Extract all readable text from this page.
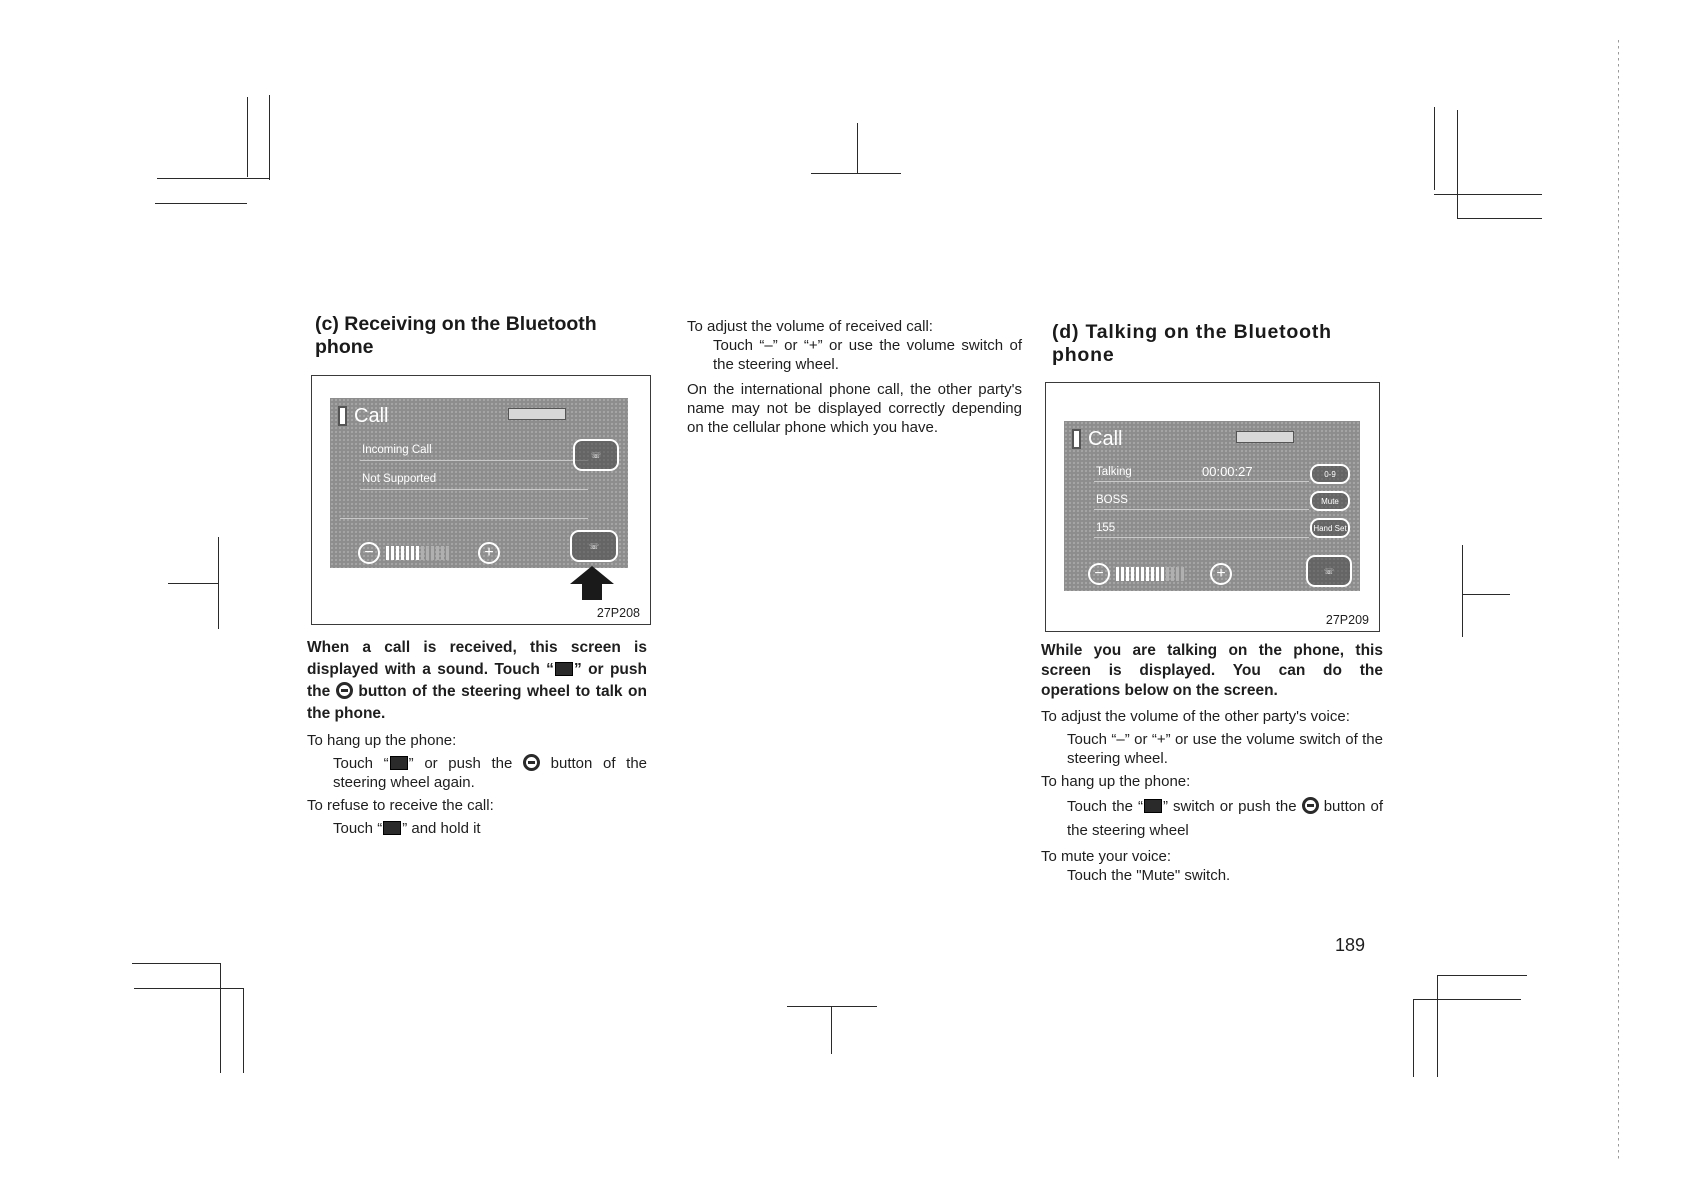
(c) Receiving on the Bluetooth phone
Call
Incoming Call
Not Supported
☏
−	+	☏
27P208

When a call is received, this screen is displayed with a sound. Touch “ ” or push the button of the steering wheel to talk on the phone.

To hang up the phone:

Touch “ ” or push the	button of the steering wheel again.

To refuse to receive the call:

Touch “ ” and hold it

To adjust the volume of received call:

Touch “–” or “+” or use the volume switch of the steering wheel.

On the international phone call, the other party's name may not be displayed correctly depending on the cellular phone which you have.

(d) Talking on the Bluetooth phone
Call
Talking	00:00:27
BOSS
155
0-9
Mute
Hand Set
−	+	☏
27P209

While you are talking on the phone, this screen is displayed. You can do the operations below on the screen.

To adjust the volume of the other party's voice:

Touch “–” or “+” or use the volume switch of the steering wheel.

To hang up the phone:

Touch the “ ” switch or push the button of the steering wheel

To mute your voice:

Touch the "Mute" switch.

189
